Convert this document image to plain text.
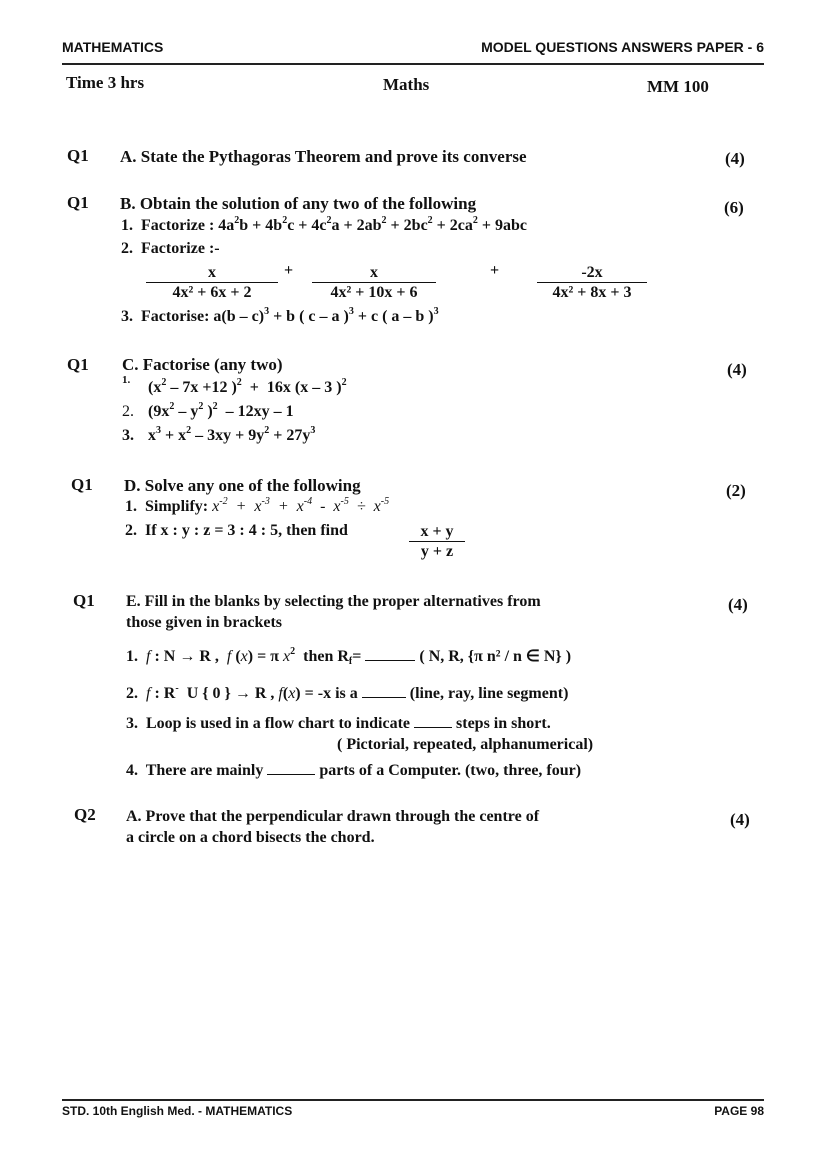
MATHEMATICS	MODEL QUESTIONS ANSWERS PAPER - 6
Time 3 hrs	Maths	MM 100
Q1 A. State the Pythagoras Theorem and prove its converse	(4)
Q1 B. Obtain the solution of any two of the following	(6)
1. Factorize : $4a^2b + 4b^2c + 4c^2a + 2ab^2 + 2bc^2 + 2ca^2 + 9abc$
2. Factorize :-
$\frac{x}{\text{4x² + 6x + 2}} + \frac{x}{\text{4x² + 10x + 6}}$	+ $\frac{-2x}{\text{4x² + 8x + 3}}$
3. Factorise: a(b – c)$^3$ + b ( c – a )$^3$ + c ( a – b )$^3$
Q1 C. Factorise (any two)	(4)
1. ($x^2 - 7x +12$ )$^2$  +  16x (x – 3 )$^2$
2. ($9x^2 - y^2$ )$^2$  – 12xy – 1
3. $x^3 + x^2 - 3xy + 9y^2 + 27y^3$
Q1 D. Solve any one of the following	(2)
1. Simplify: $x^{-2} + x^{-3} + x^{-4} - x^{-5} \div x^{-5}$
2. If x : y : z = 3 : 4 : 5, then find	$\frac{x + y}{y + z}$
Q1 E. Fill in the blanks by selecting the proper alternatives from
those given in brackets
(4)
1. f : N → R ,  f (x) = π $x^2$  then $R_f=$	( N, R, {π n² / n ∈ N} )
2. f : R-  U { 0 } → R , f(x) = -x is a	(line, ray, line segment)
3. Loop is used in a flow chart to indicate	steps in short.
( Pictorial, repeated, alphanumerical)
4. There are mainly	parts of a Computer. (two, three, four)
Q2 A. Prove that the perpendicular drawn through the centre of
a circle on a chord bisects the chord.
(4)
STD. 10th English Med. - MATHEMATICS	PAGE 98
